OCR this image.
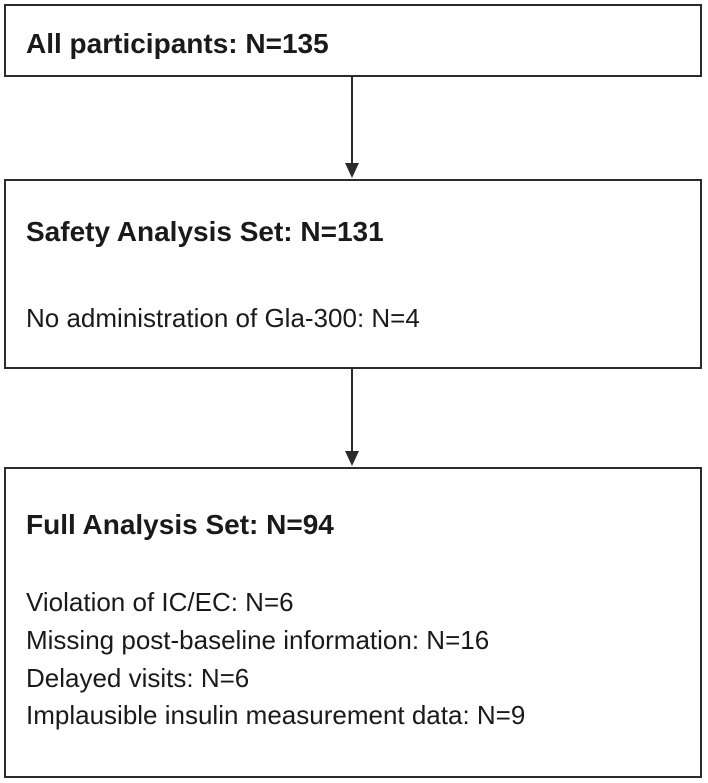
All participants: N=135
Safety Analysis Set: N=131
No administration of Gla-300: N=4
Full Analysis Set: N=94
Violation of IC/EC: N=6
Missing post-baseline information: N=16
Delayed visits: N=6
Implausible insulin measurement data: N=9
